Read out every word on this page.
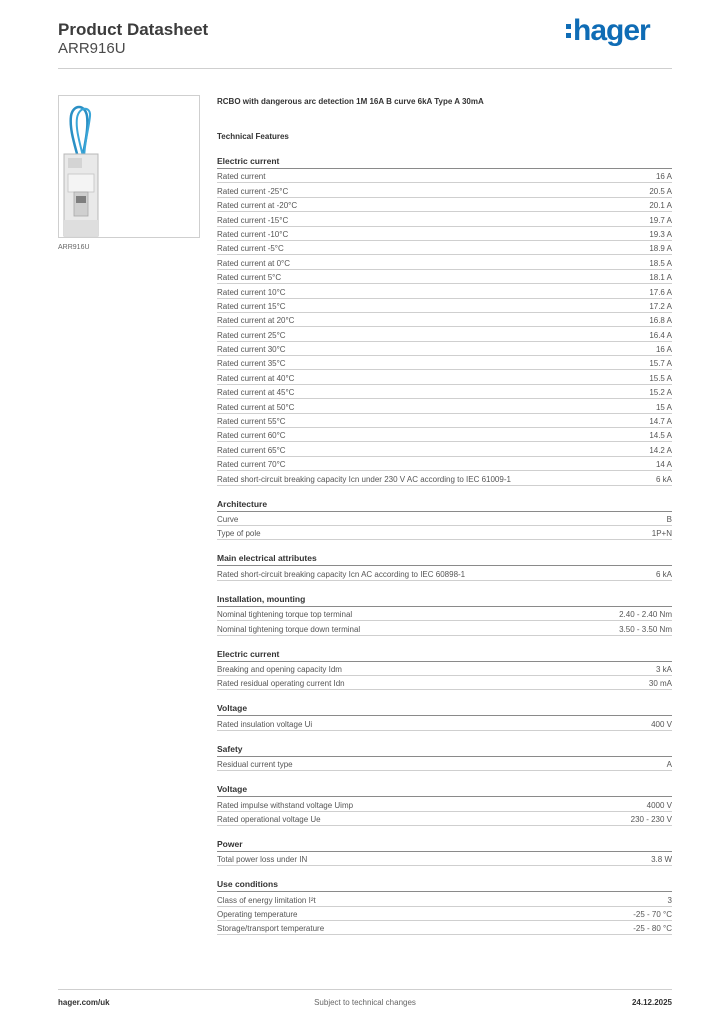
Product Datasheet
ARR916U
hager
ARR916U
RCBO with dangerous arc detection 1M 16A B curve 6kA Type A 30mA
Technical Features
Electric current
Rated current	16 A
Rated current -25°C	20.5 A
Rated current at -20°C	20.1 A
Rated current -15°C	19.7 A
Rated current -10°C	19.3 A
Rated current -5°C	18.9 A
Rated current at 0°C	18.5 A
Rated current 5°C	18.1 A
Rated current 10°C	17.6 A
Rated current 15°C	17.2 A
Rated current at 20°C	16.8 A
Rated current 25°C	16.4 A
Rated current 30°C	16 A
Rated current 35°C	15.7 A
Rated current at 40°C	15.5 A
Rated current at 45°C	15.2 A
Rated current at 50°C	15 A
Rated current 55°C	14.7 A
Rated current 60°C	14.5 A
Rated current 65°C	14.2 A
Rated current 70°C	14 A
Rated short-circuit breaking capacity Icn under 230 V AC according to IEC 61009-1	6 kA
Architecture
Curve	B
Type of pole	1P+N
Main electrical attributes
Rated short-circuit breaking capacity Icn AC according to IEC 60898-1	6 kA
Installation, mounting
Nominal tightening torque top terminal	2.40 - 2.40 Nm
Nominal tightening torque down terminal	3.50 - 3.50 Nm
Electric current
Breaking and opening capacity Idm	3 kA
Rated residual operating current Idn	30 mA
Voltage
Rated insulation voltage Ui	400 V
Safety
Residual current type	A
Voltage
Rated impulse withstand voltage Uimp	4000 V
Rated operational voltage Ue	230 - 230 V
Power
Total power loss under IN	3.8 W
Use conditions
Class of energy limitation I²t	3
Operating temperature	-25 - 70 °C
Storage/transport temperature	-25 - 80 °C
hager.com/uk	Subject to technical changes	24.12.2025
